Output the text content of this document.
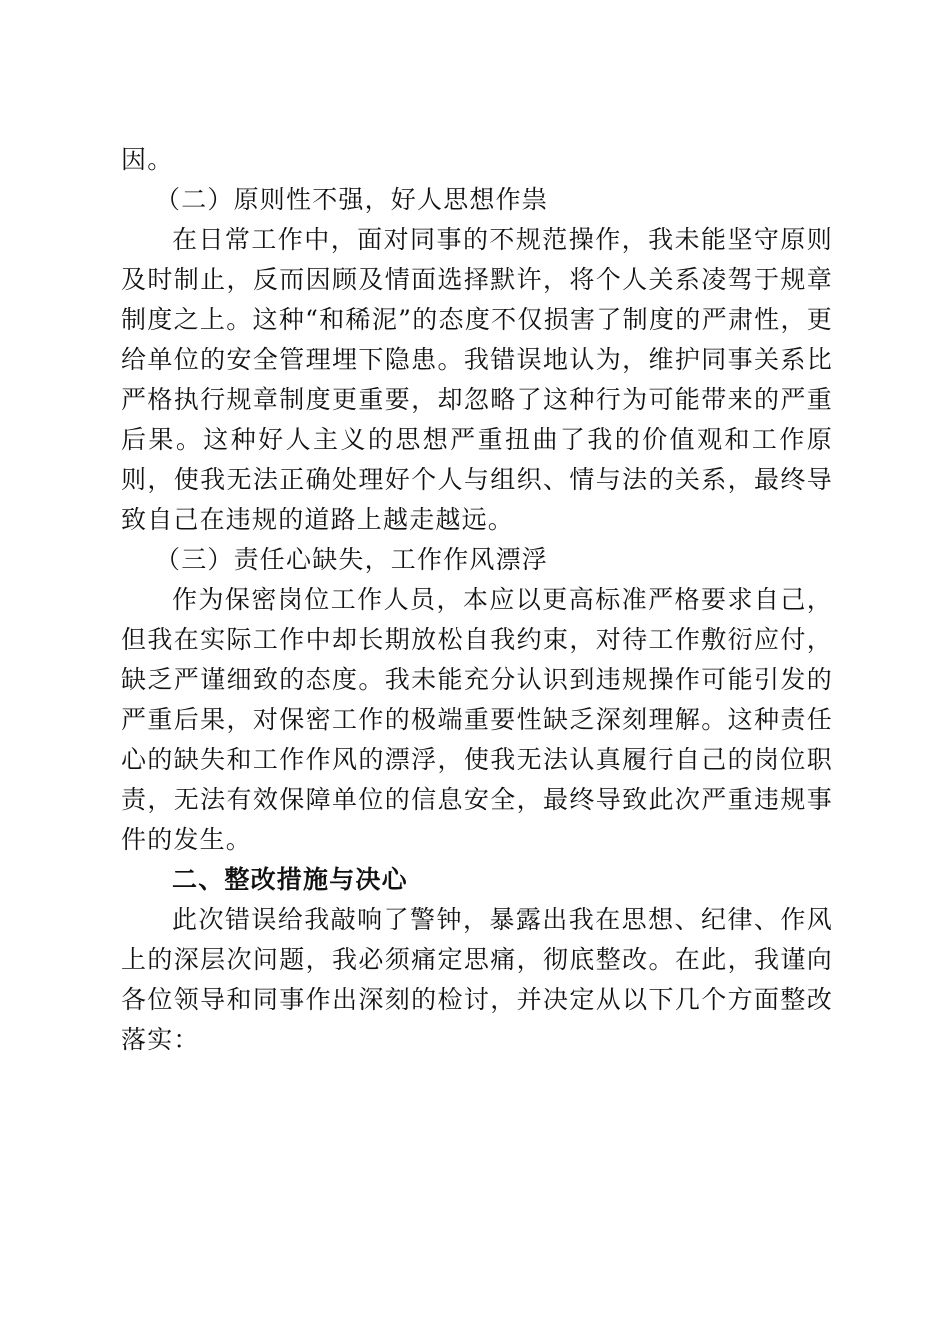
因。

（二）原则性不强，好人思想作祟

在日常工作中，面对同事的不规范操作，我未能坚守原则及时制止，反而因顾及情面选择默许，将个人关系凌驾于规章制度之上。这种“和稀泥”的态度不仅损害了制度的严肃性，更给单位的安全管理埋下隐患。我错误地认为，维护同事关系比严格执行规章制度更重要，却忽略了这种行为可能带来的严重后果。这种好人主义的思想严重扭曲了我的价值观和工作原则，使我无法正确处理好个人与组织、情与法的关系，最终导致自己在违规的道路上越走越远。

（三）责任心缺失，工作作风漂浮

作为保密岗位工作人员，本应以更高标准严格要求自己，但我在实际工作中却长期放松自我约束，对待工作敷衍应付，缺乏严谨细致的态度。我未能充分认识到违规操作可能引发的严重后果，对保密工作的极端重要性缺乏深刻理解。这种责任心的缺失和工作作风的漂浮，使我无法认真履行自己的岗位职责，无法有效保障单位的信息安全，最终导致此次严重违规事件的发生。

二、整改措施与决心

此次错误给我敲响了警钟，暴露出我在思想、纪律、作风上的深层次问题，我必须痛定思痛，彻底整改。在此，我谨向各位领导和同事作出深刻的检讨，并决定从以下几个方面整改落实：
